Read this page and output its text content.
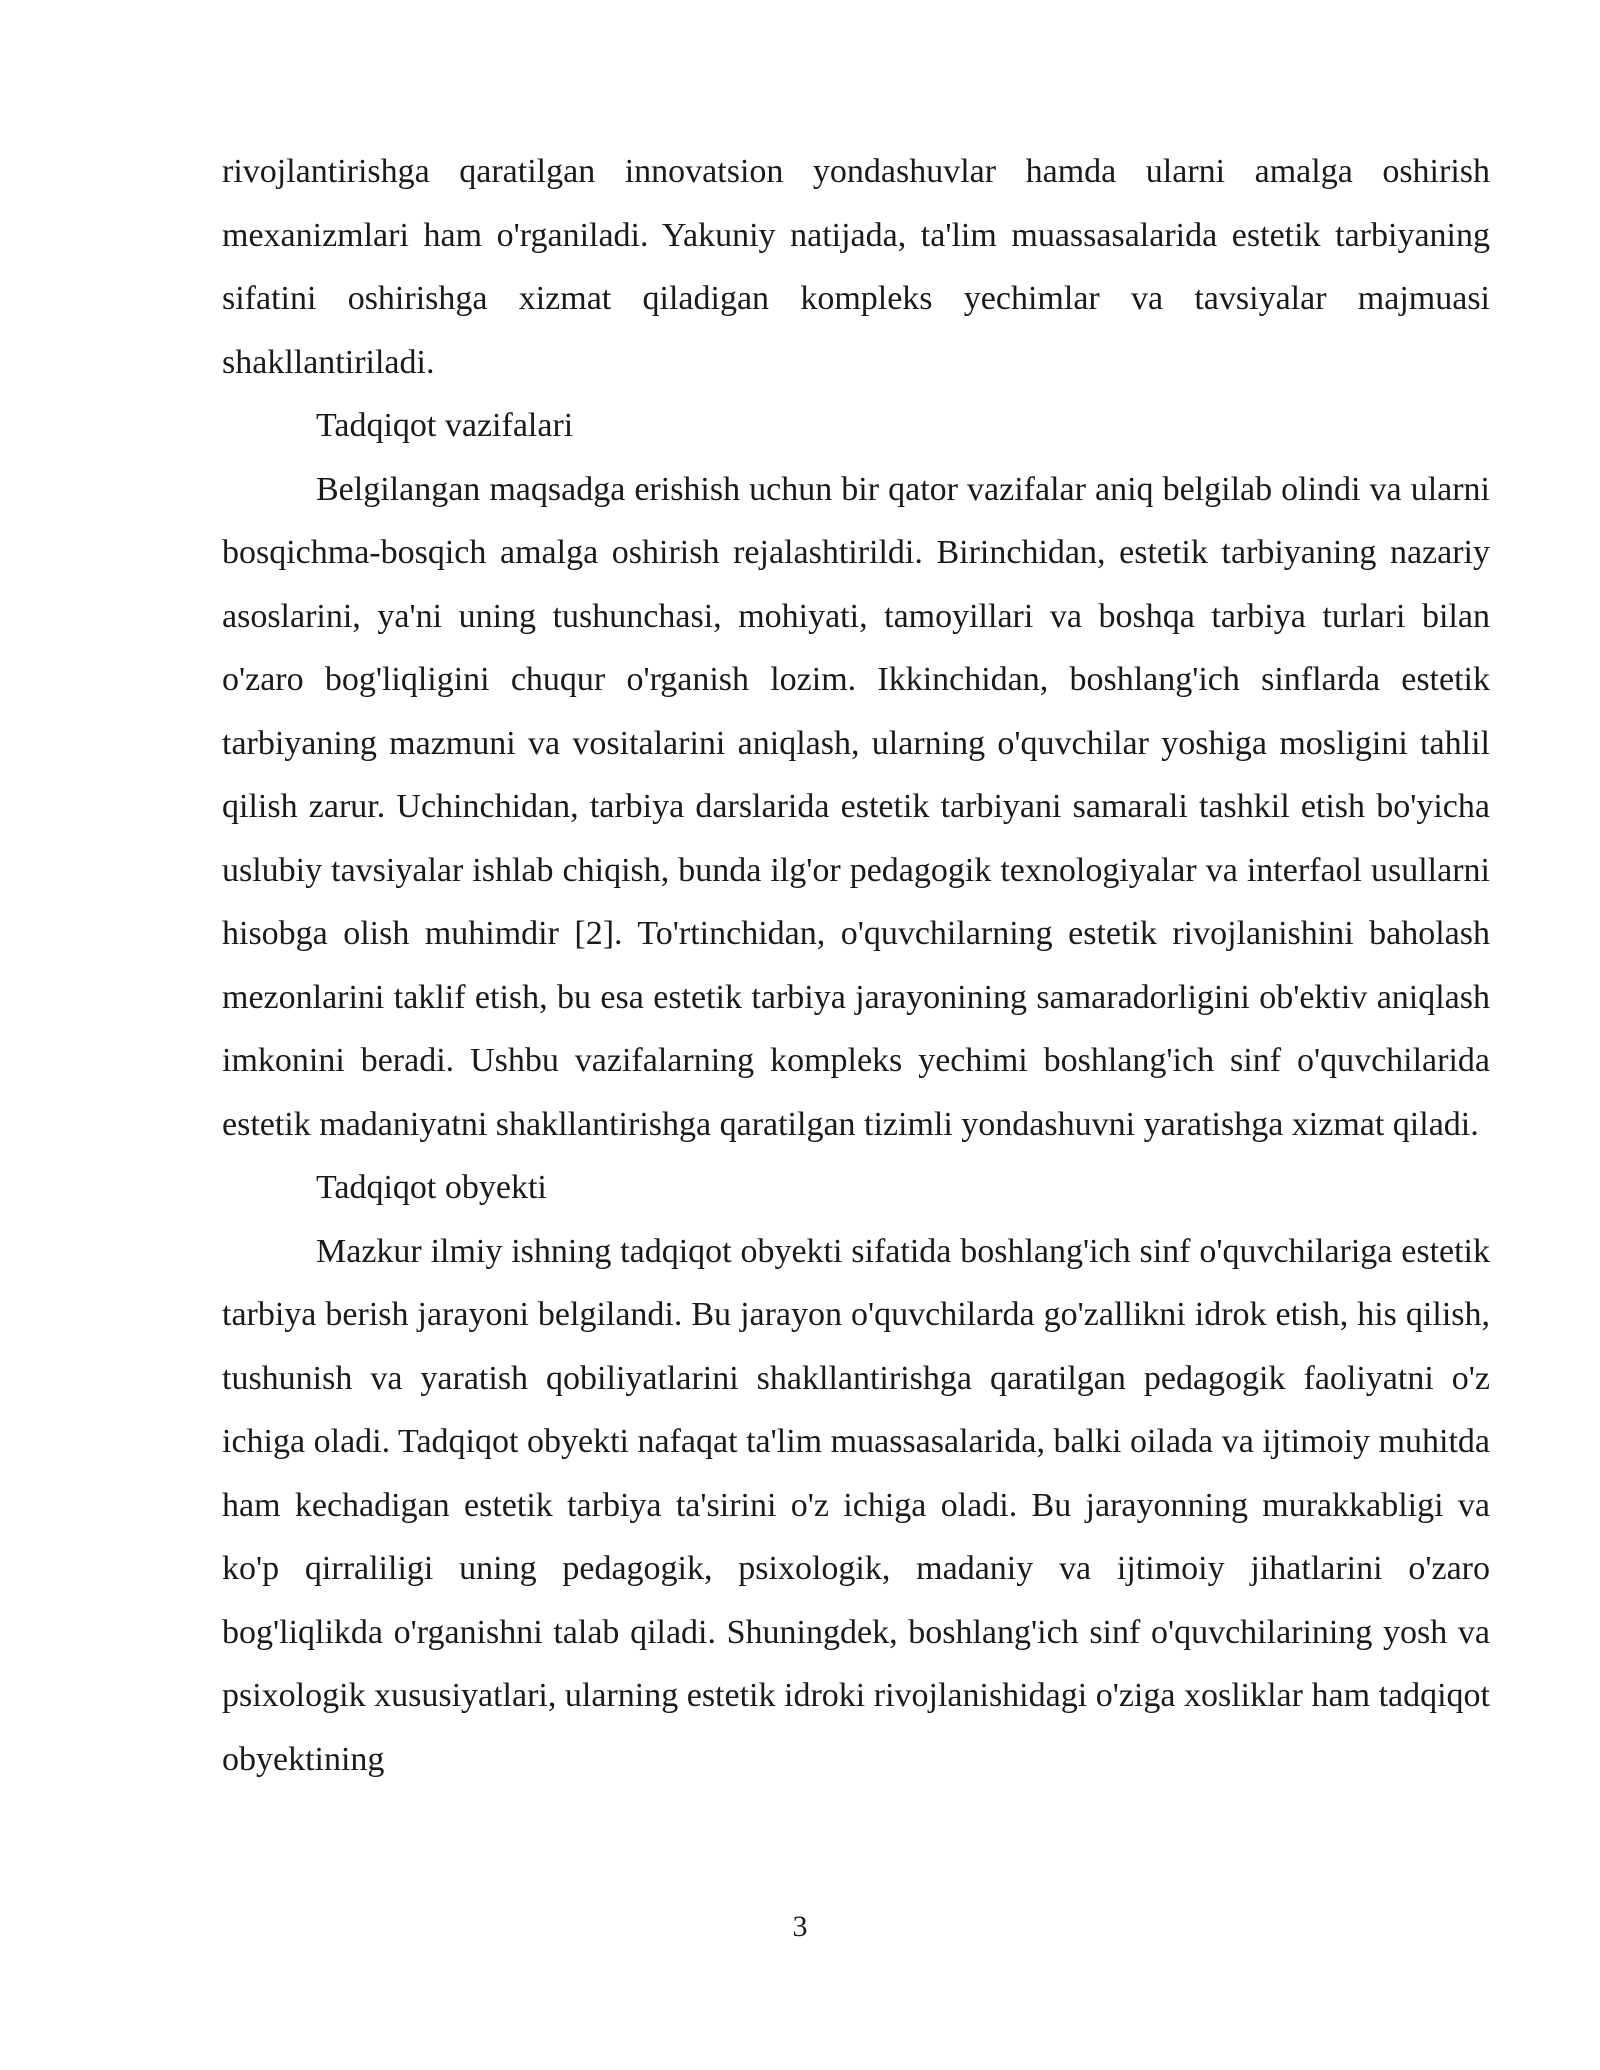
rivojlantirishga qaratilgan innovatsion yondashuvlar hamda ularni amalga oshirish mexanizmlari ham o'rganiladi. Yakuniy natijada, ta'lim muassasalarida estetik tarbiyaning sifatini oshirishga xizmat qiladigan kompleks yechimlar va tavsiyalar majmuasi shakllantiriladi.

Tadqiqot vazifalari

Belgilangan maqsadga erishish uchun bir qator vazifalar aniq belgilab olindi va ularni bosqichma-bosqich amalga oshirish rejalashtirildi. Birinchidan, estetik tarbiyaning nazariy asoslarini, ya'ni uning tushunchasi, mohiyati, tamoyillari va boshqa tarbiya turlari bilan o'zaro bog'liqligini chuqur o'rganish lozim. Ikkinchidan, boshlang'ich sinflarda estetik tarbiyaning mazmuni va vositalarini aniqlash, ularning o'quvchilar yoshiga mosligini tahlil qilish zarur. Uchinchidan, tarbiya darslarida estetik tarbiyani samarali tashkil etish bo'yicha uslubiy tavsiyalar ishlab chiqish, bunda ilg'or pedagogik texnologiyalar va interfaol usullarni hisobga olish muhimdir [2]. To'rtinchidan, o'quvchilarning estetik rivojlanishini baholash mezonlarini taklif etish, bu esa estetik tarbiya jarayonining samaradorligini ob'ektiv aniqlash imkonini beradi. Ushbu vazifalarning kompleks yechimi boshlang'ich sinf o'quvchilarida estetik madaniyatni shakllantirishga qaratilgan tizimli yondashuvni yaratishga xizmat qiladi.

Tadqiqot obyekti

Mazkur ilmiy ishning tadqiqot obyekti sifatida boshlang'ich sinf o'quvchilariga estetik tarbiya berish jarayoni belgilandi. Bu jarayon o'quvchilarda go'zallikni idrok etish, his qilish, tushunish va yaratish qobiliyatlarini shakllantirishga qaratilgan pedagogik faoliyatni o'z ichiga oladi. Tadqiqot obyekti nafaqat ta'lim muassasalarida, balki oilada va ijtimoiy muhitda ham kechadigan estetik tarbiya ta'sirini o'z ichiga oladi. Bu jarayonning murakkabligi va ko'p qirraliligi uning pedagogik, psixologik, madaniy va ijtimoiy jihatlarini o'zaro bog'liqlikda o'rganishni talab qiladi. Shuningdek, boshlang'ich sinf o'quvchilarining yosh va psixologik xususiyatlari, ularning estetik idroki rivojlanishidagi o'ziga xosliklar ham tadqiqot obyektining

3
